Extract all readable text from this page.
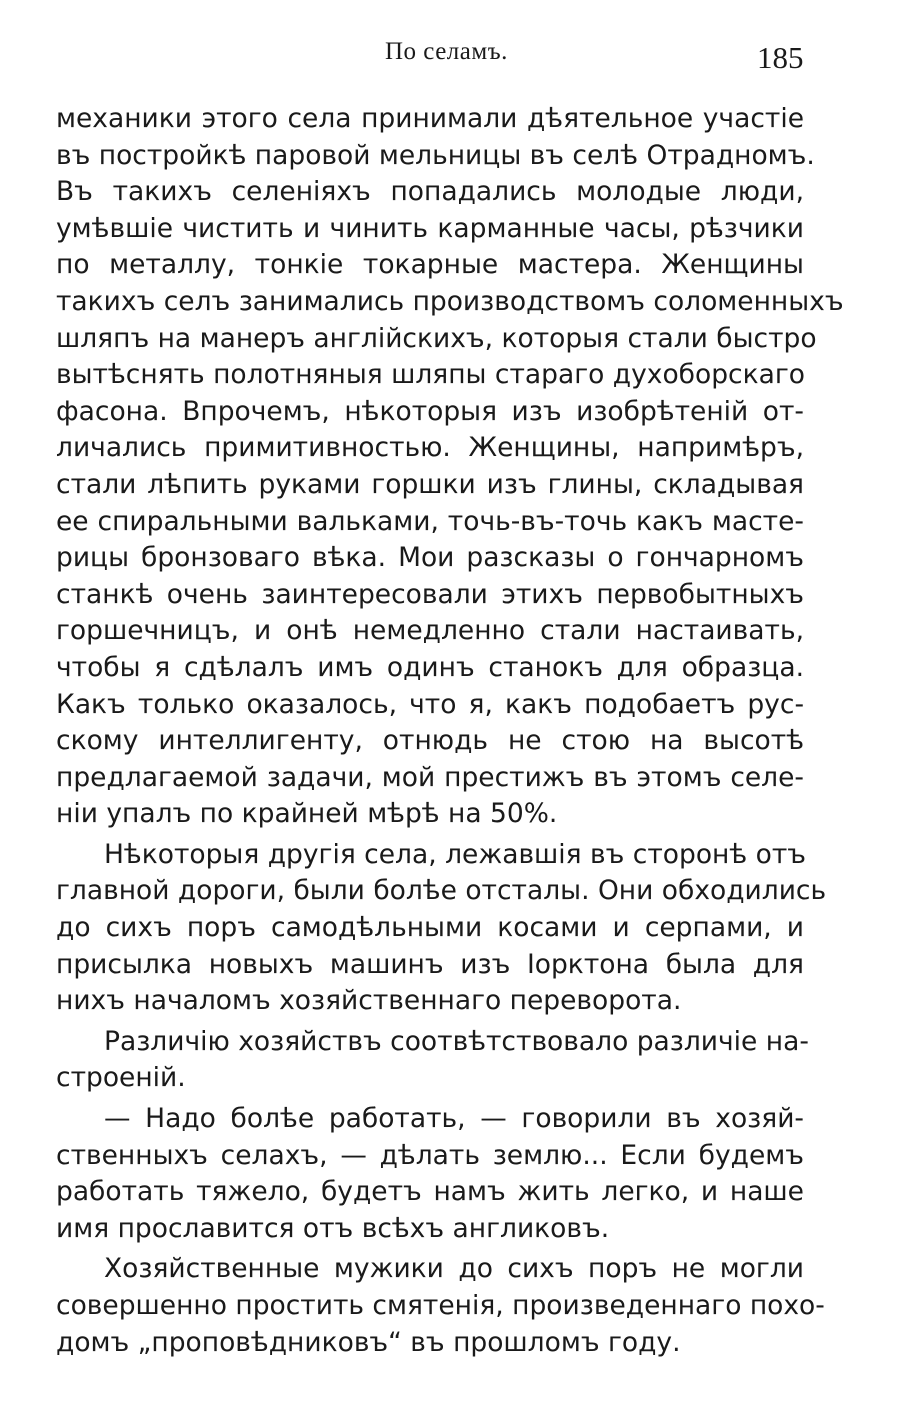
По селамъ.	185
механики этого села принимали дѣятельное участіе
въ постройкѣ паровой мельницы въ селѣ Отрадномъ.
Въ такихъ селеніяхъ попадались молодые люди,
умѣвшіе чистить и чинить карманные часы, рѣзчики
по металлу, тонкіе токарные мастера. Женщины
такихъ селъ занимались производствомъ соломенныхъ
шляпъ на манеръ англійскихъ, которыя стали быстро
вытѣснять полотняныя шляпы стараго духоборскаго
фасона. Впрочемъ, нѣкоторыя изъ изобрѣтеній от-
личались примитивностью. Женщины, напримѣръ,
стали лѣпить руками горшки изъ глины, складывая
ее спиральными вальками, точь-въ-точь какъ масте-
рицы бронзоваго вѣка. Мои разсказы о гончарномъ
станкѣ очень заинтересовали этихъ первобытныхъ
горшечницъ, и онѣ немедленно стали настаивать,
чтобы я сдѣлалъ имъ одинъ станокъ для образца.
Какъ только оказалось, что я, какъ подобаетъ рус-
скому интеллигенту, отнюдь не стою на высотѣ
предлагаемой задачи, мой престижъ въ этомъ селе-
ніи упалъ по крайней мѣрѣ на 50%.
Нѣкоторыя другія села, лежавшія въ сторонѣ отъ
главной дороги, были болѣе отсталы. Они обходились
до сихъ поръ самодѣльными косами и серпами, и
присылка новыхъ машинъ изъ Іорктона была для
нихъ началомъ хозяйственнаго переворота.
Различію хозяйствъ соотвѣтствовало различіе на-
строеній.
— Надо болѣе работать, — говорили въ хозяй-
ственныхъ селахъ, — дѣлать землю... Если будемъ
работать тяжело, будетъ намъ жить легко, и наше
имя прославится отъ всѣхъ англиковъ.
Хозяйственные мужики до сихъ поръ не могли
совершенно простить смятенія, произведеннаго похо-
домъ „проповѣдниковъ“ въ прошломъ году.
